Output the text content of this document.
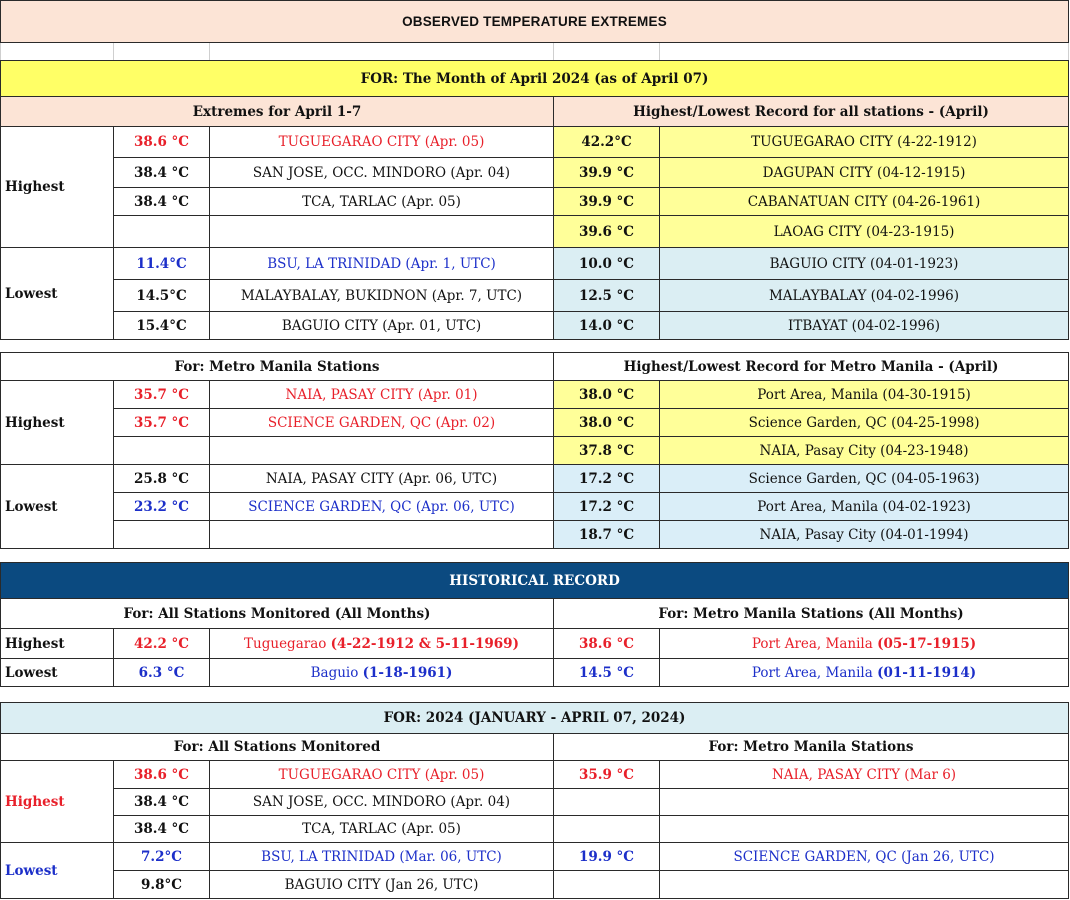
OBSERVED TEMPERATURE EXTREMES				

FOR: The Month of April 2024 (as of April 07)				
Extremes for April 1-7			Highest/Lowest Record for all stations - (April)	
Highest	38.6 °C	TUGUEGARAO CITY (Apr. 05)	42.2°C	TUGUEGARAO CITY (4-22-1912)
	38.4 °C	SAN JOSE, OCC. MINDORO (Apr. 04)	39.9 °C	DAGUPAN CITY (04-12-1915)
	38.4 °C	TCA, TARLAC (Apr. 05)	39.9 °C	CABANATUAN CITY (04-26-1961)
			39.6 °C	LAOAG CITY (04-23-1915)
Lowest	11.4°C	BSU, LA TRINIDAD (Apr. 1, UTC)	10.0 °C	BAGUIO CITY (04-01-1923)
	14.5°C	MALAYBALAY, BUKIDNON (Apr. 7, UTC)	12.5 °C	MALAYBALAY (04-02-1996)
	15.4°C	BAGUIO CITY (Apr. 01, UTC)	14.0 °C	ITBAYAT (04-02-1996)
For: Metro Manila Stations			Highest/Lowest Record for Metro Manila - (April)	
Highest	35.7 °C	NAIA, PASAY CITY (Apr. 01)	38.0 °C	Port Area, Manila (04-30-1915)
	35.7 °C	SCIENCE GARDEN, QC (Apr. 02)	38.0 °C	Science Garden, QC (04-25-1998)
			37.8 °C	NAIA, Pasay City (04-23-1948)
Lowest	25.8 °C	NAIA, PASAY CITY (Apr. 06, UTC)	17.2 °C	Science Garden, QC (04-05-1963)
	23.2 °C	SCIENCE GARDEN, QC (Apr. 06, UTC)	17.2 °C	Port Area, Manila (04-02-1923)
			18.7 °C	NAIA, Pasay City (04-01-1994)
HISTORICAL RECORD				
For: All Stations Monitored (All Months)			For: Metro Manila Stations (All Months)	
Highest	42.2 °C	Tuguegarao (4-22-1912 & 5-11-1969)	38.6 °C	Port Area, Manila (05-17-1915)
Lowest	6.3 °C	Baguio (1-18-1961)	14.5 °C	Port Area, Manila (01-11-1914)
FOR: 2024 (JANUARY - APRIL 07, 2024)				
For: All Stations Monitored			For: Metro Manila Stations	
Highest	38.6 °C	TUGUEGARAO CITY (Apr. 05)	35.9 °C	NAIA, PASAY CITY (Mar 6)
	38.4 °C	SAN JOSE, OCC. MINDORO (Apr. 04)		
	38.4 °C	TCA, TARLAC (Apr. 05)		
Lowest	7.2°C	BSU, LA TRINIDAD (Mar. 06, UTC)	19.9 °C	SCIENCE GARDEN, QC (Jan 26, UTC)
	9.8°C	BAGUIO CITY (Jan 26, UTC)		
